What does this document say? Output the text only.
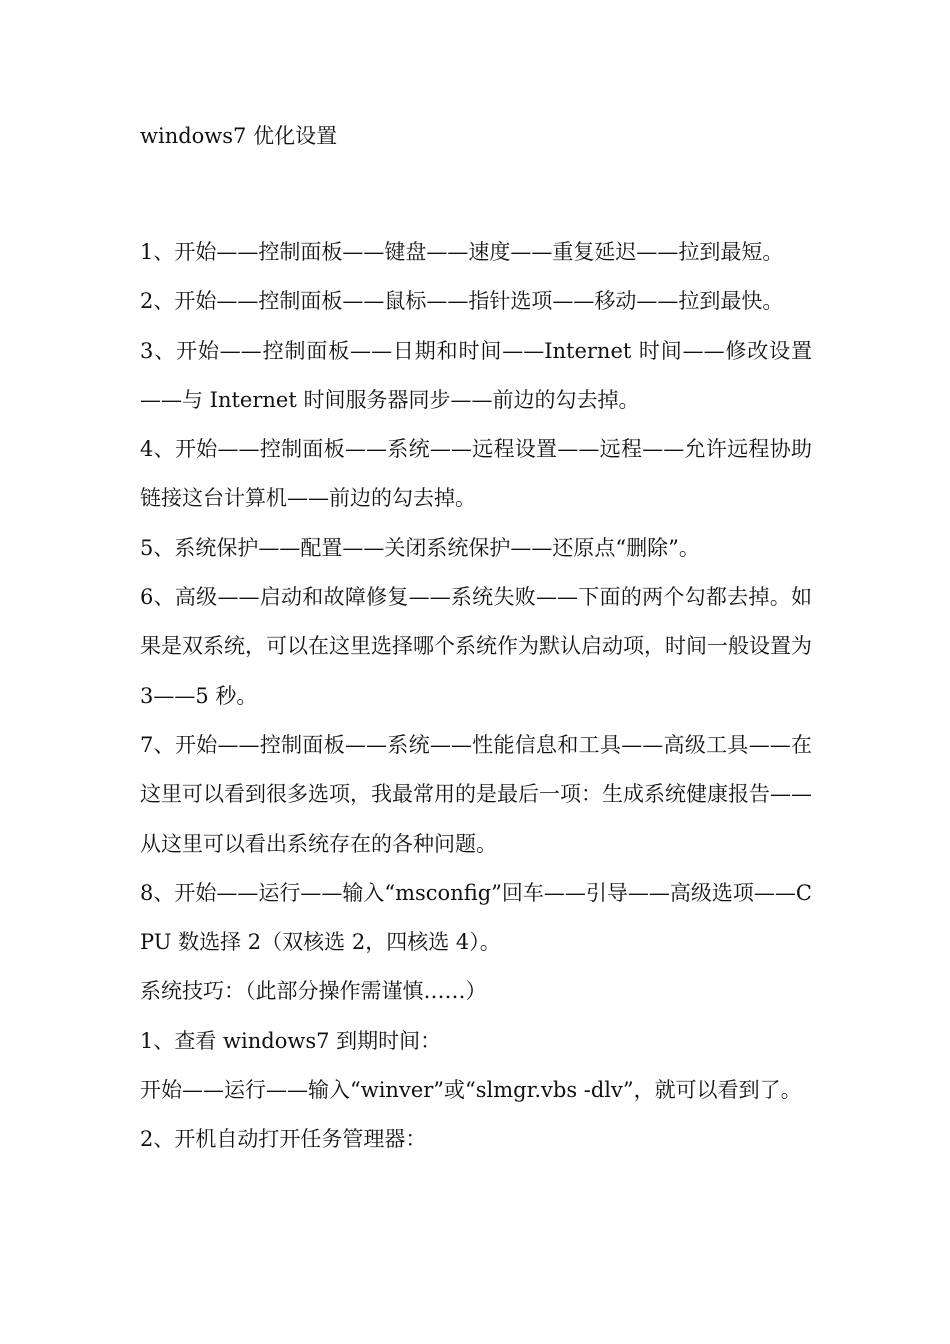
windows7 优化设置

1、开始——控制面板——键盘——速度——重复延迟——拉到最短。

2、开始——控制面板——鼠标——指针选项——移动——拉到最快。

3、开始——控制面板——日期和时间——Internet 时间——修改设置——与 Internet 时间服务器同步——前边的勾去掉。

4、开始——控制面板——系统——远程设置——远程——允许远程协助链接这台计算机——前边的勾去掉。

5、系统保护——配置——关闭系统保护——还原点“删除”。

6、高级——启动和故障修复——系统失败——下面的两个勾都去掉。如果是双系统，可以在这里选择哪个系统作为默认启动项，时间一般设置为 3——5 秒。

7、开始——控制面板——系统——性能信息和工具——高级工具——在这里可以看到很多选项，我最常用的是最后一项：生成系统健康报告——从这里可以看出系统存在的各种问题。

8、开始——运行——输入“msconfig”回车——引导——高级选项——CPU 数选择 2（双核选 2，四核选 4）。

系统技巧：（此部分操作需谨慎……）

1、查看 windows7 到期时间：

开始——运行——输入“winver”或“slmgr.vbs -dlv”，就可以看到了。

2、开机自动打开任务管理器：
